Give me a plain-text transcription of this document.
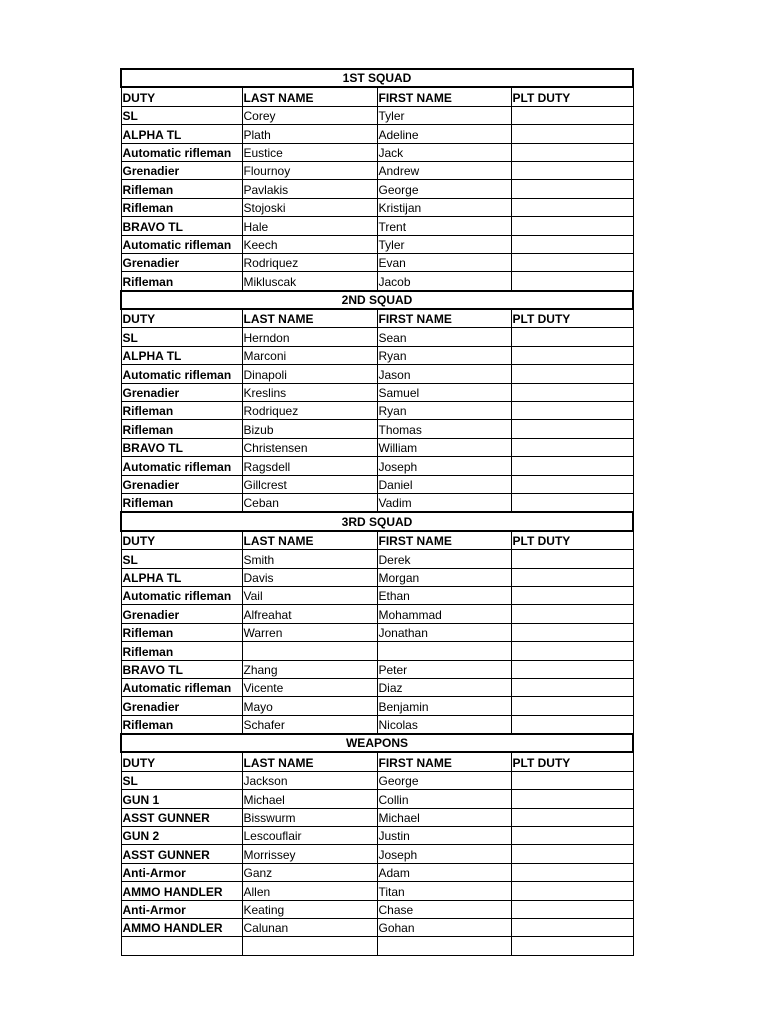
1ST SQUAD			
DUTY	LAST NAME	FIRST NAME	PLT DUTY
SL	Corey	Tyler	
ALPHA TL	Plath	Adeline	
Automatic rifleman	Eustice	Jack	
Grenadier	Flournoy	Andrew	
Rifleman	Pavlakis	George	
Rifleman	Stojoski	Kristijan	
BRAVO TL	Hale	Trent	
Automatic rifleman	Keech	Tyler	
Grenadier	Rodriquez	Evan	
Rifleman	Mikluscak	Jacob	
2ND SQUAD			
DUTY	LAST NAME	FIRST NAME	PLT DUTY
SL	Herndon	Sean	
ALPHA TL	Marconi	Ryan	
Automatic rifleman	Dinapoli	Jason	
Grenadier	Kreslins	Samuel	
Rifleman	Rodriquez	Ryan	
Rifleman	Bizub	Thomas	
BRAVO TL	Christensen	William	
Automatic rifleman	Ragsdell	Joseph	
Grenadier	Gillcrest	Daniel	
Rifleman	Ceban	Vadim	
3RD SQUAD			
DUTY	LAST NAME	FIRST NAME	PLT DUTY
SL	Smith	Derek	
ALPHA TL	Davis	Morgan	
Automatic rifleman	Vail	Ethan	
Grenadier	Alfreahat	Mohammad	
Rifleman	Warren	Jonathan	
Rifleman			
BRAVO TL	Zhang	Peter	
Automatic rifleman	Vicente	Diaz	
Grenadier	Mayo	Benjamin	
Rifleman	Schafer	Nicolas	
WEAPONS			
DUTY	LAST NAME	FIRST NAME	PLT DUTY
SL	Jackson	George	
GUN 1	Michael	Collin	
ASST GUNNER	Bisswurm	Michael	
GUN 2	Lescouflair	Justin	
ASST GUNNER	Morrissey	Joseph	
Anti-Armor	Ganz	Adam	
AMMO HANDLER	Allen	Titan	
Anti-Armor	Keating	Chase	
AMMO HANDLER	Calunan	Gohan	
